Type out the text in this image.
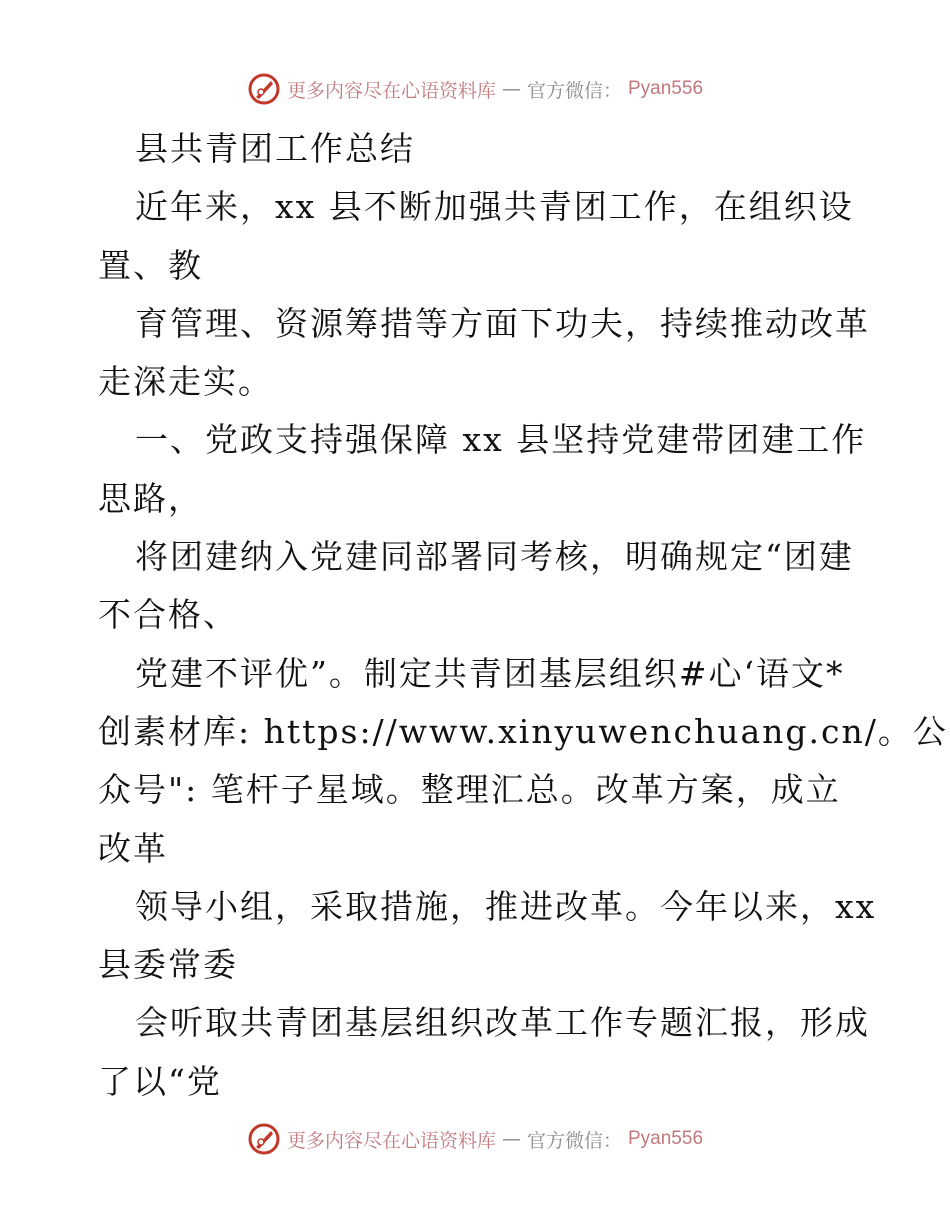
更多内容尽在心语资料库 — 官方微信： Pyan556
县共青团工作总结
近年来，xx 县不断加强共青团工作，在组织设
置、教
育管理、资源筹措等方面下功夫，持续推动改革
走深走实。
一、党政支持强保障 xx 县坚持党建带团建工作
思路，
将团建纳入党建同部署同考核，明确规定“团建
不合格、
党建不评优”。制定共青团基层组织#心‘语文*
创素材库: https://www.xinyuwenchuang.cn/。公
众号": 笔杆子星域。整理汇总。改革方案，成立
改革
领导小组，采取措施，推进改革。今年以来，xx
县委常委
会听取共青团基层组织改革工作专题汇报，形成
了以“党
更多内容尽在心语资料库 — 官方微信： Pyan556
